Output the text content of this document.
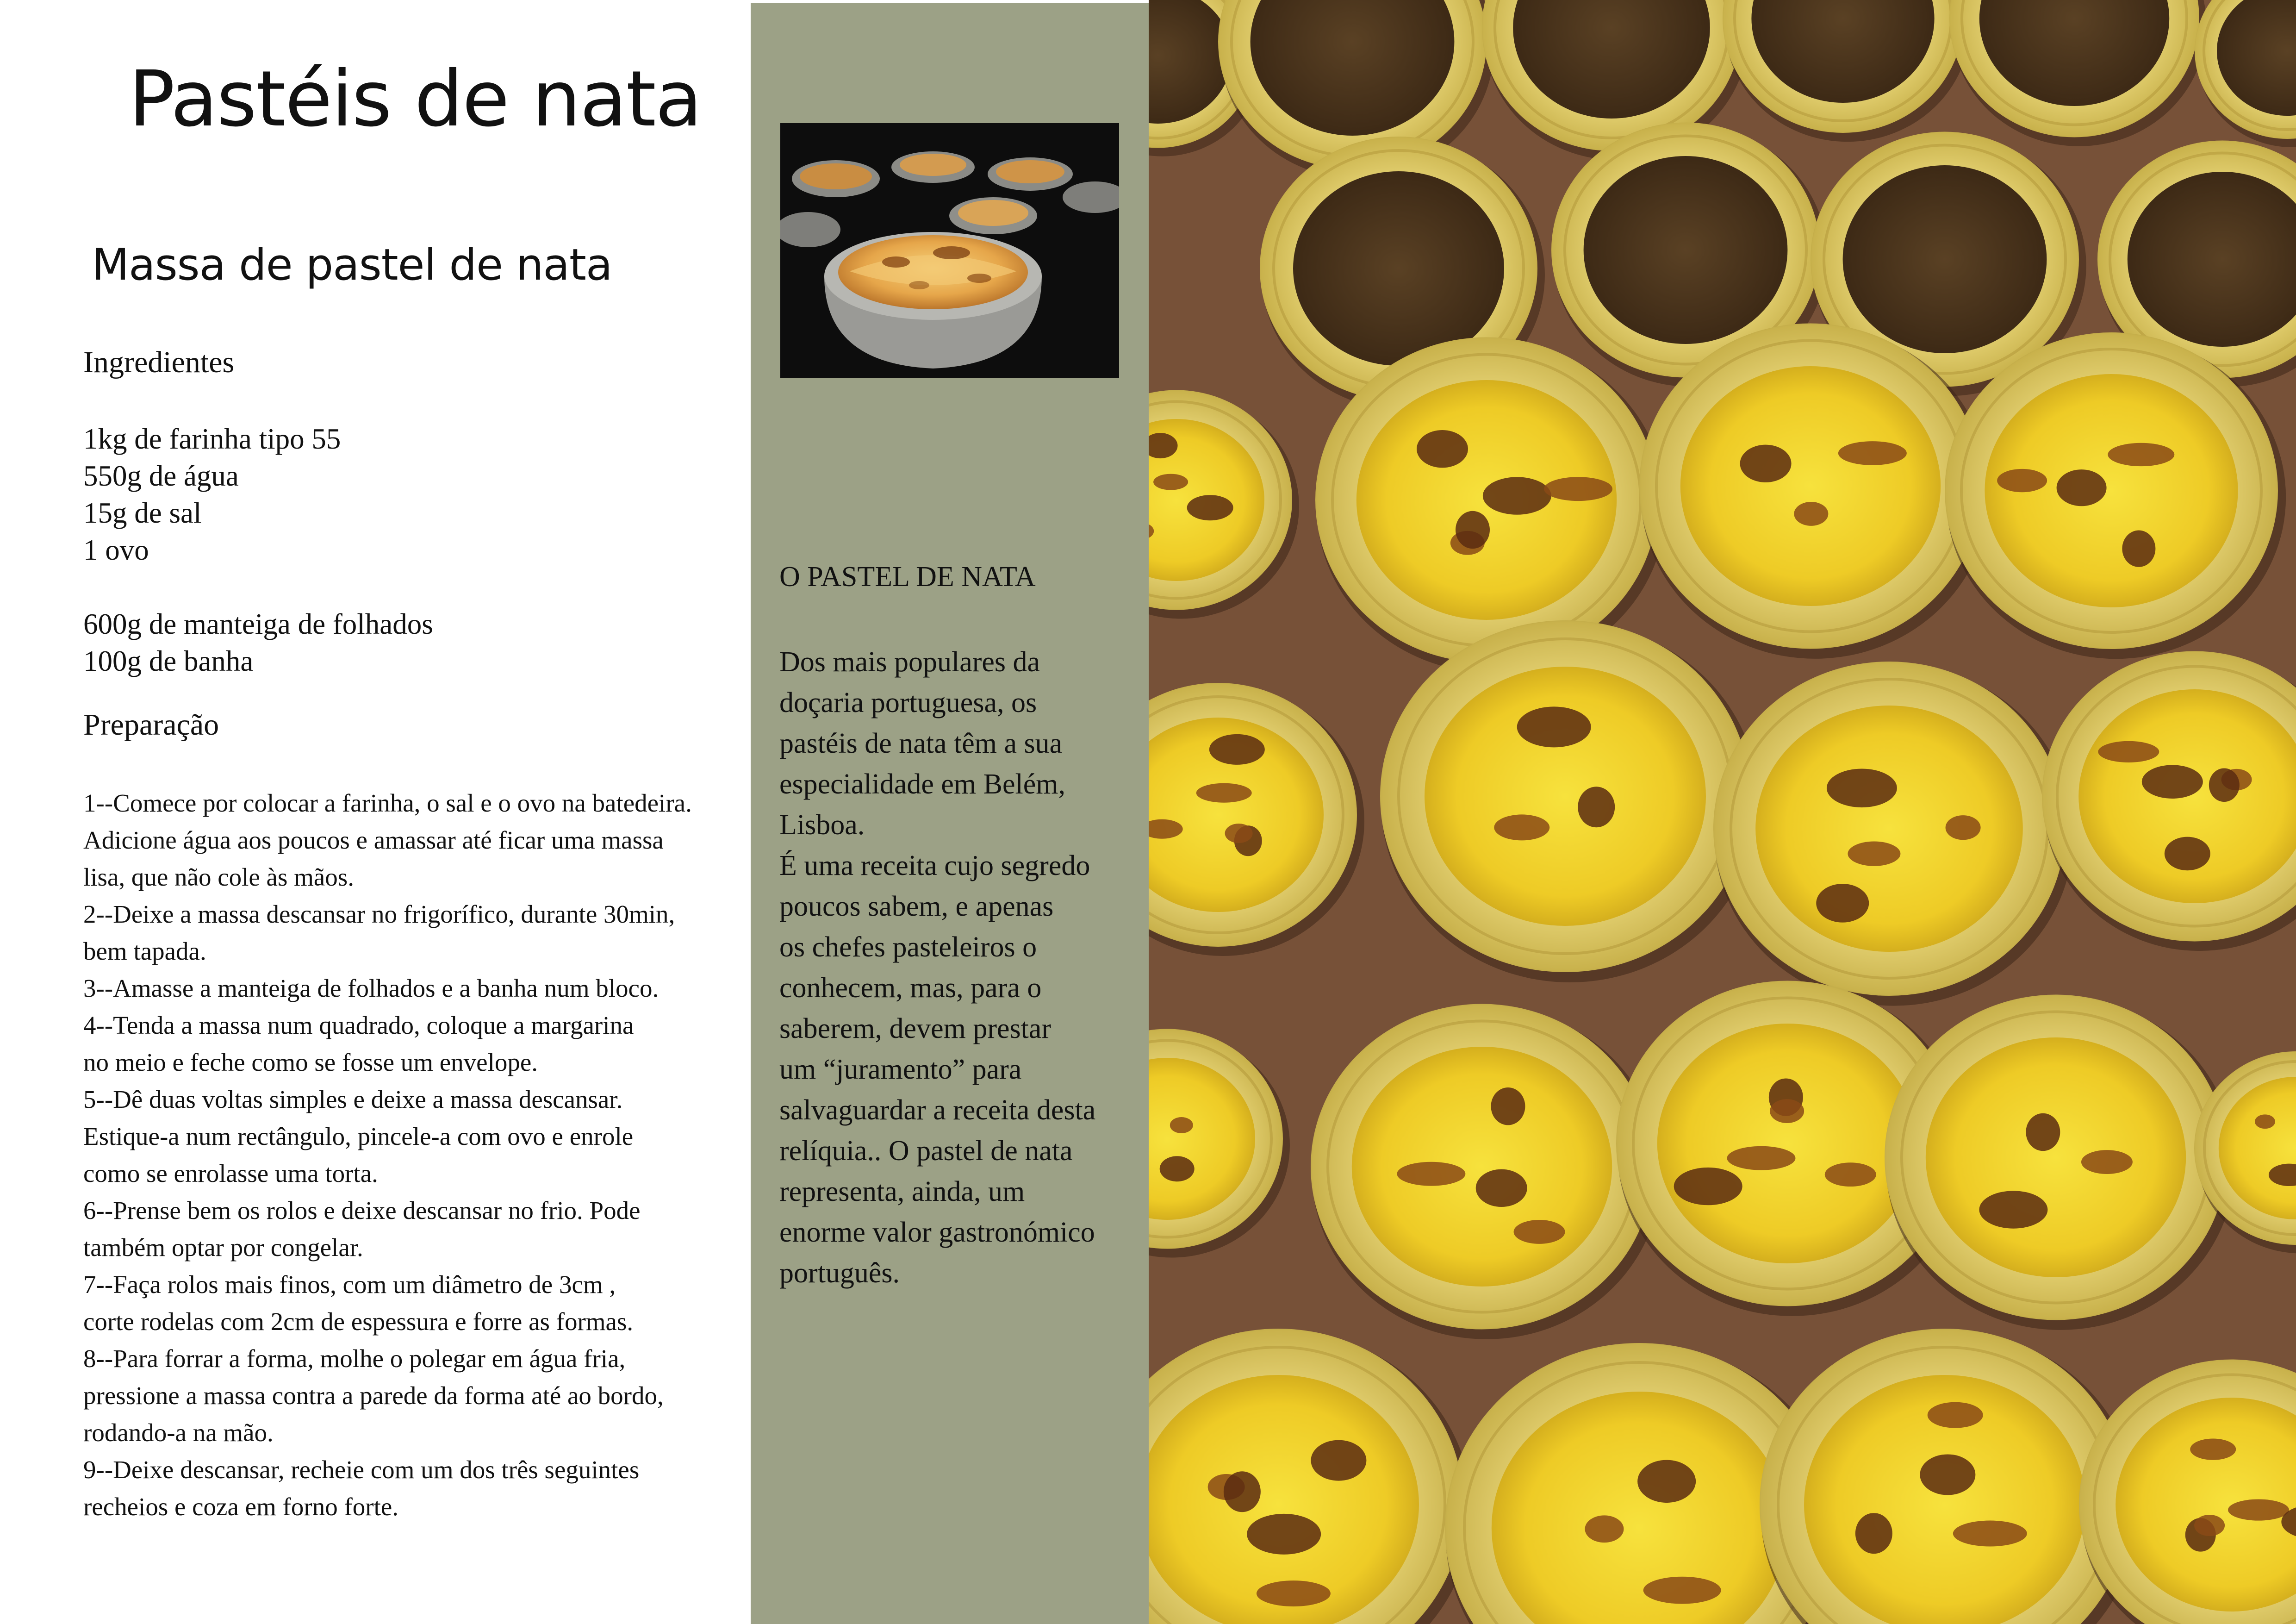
Pastéis de nata
Massa de pastel de nata
Ingredientes
1kg de farinha tipo 55
550g de água
15g de sal
1 ovo
600g de manteiga de folhados
100g de banha
Preparação
1--Comece por colocar a farinha, o sal e o ovo na batedeira.
Adicione água aos poucos e amassar até ficar uma massa
lisa, que não cole às mãos.
2--Deixe a massa descansar no frigorífico, durante 30min,
bem tapada.
3--Amasse a manteiga de folhados e a banha num bloco.
4--Tenda a massa num quadrado, coloque a margarina
no meio e feche como se fosse um envelope.
5--Dê duas voltas simples e deixe a massa descansar.
Estique-a num rectângulo, pincele-a com ovo e enrole
como se enrolasse uma torta.
6--Prense bem os rolos e deixe descansar no frio. Pode
também optar por congelar.
7--Faça rolos mais finos, com um diâmetro de 3cm ,
corte rodelas com 2cm de espessura e forre as formas.
8--Para forrar a forma, molhe o polegar em água fria,
pressione a massa contra a parede da forma até ao bordo,
rodando-a na mão.
9--Deixe descansar, recheie com um dos três seguintes
recheios e coza em forno forte.
O PASTEL DE NATA
Dos mais populares da
doçaria portuguesa, os
pastéis de nata têm a sua
especialidade em Belém,
Lisboa.
É uma receita cujo segredo
poucos sabem, e apenas
os chefes pasteleiros o
conhecem, mas, para o
saberem, devem prestar
um “juramento” para
salvaguardar a receita desta
relíquia.. O pastel de nata
representa, ainda, um
enorme valor gastronómico
português.
